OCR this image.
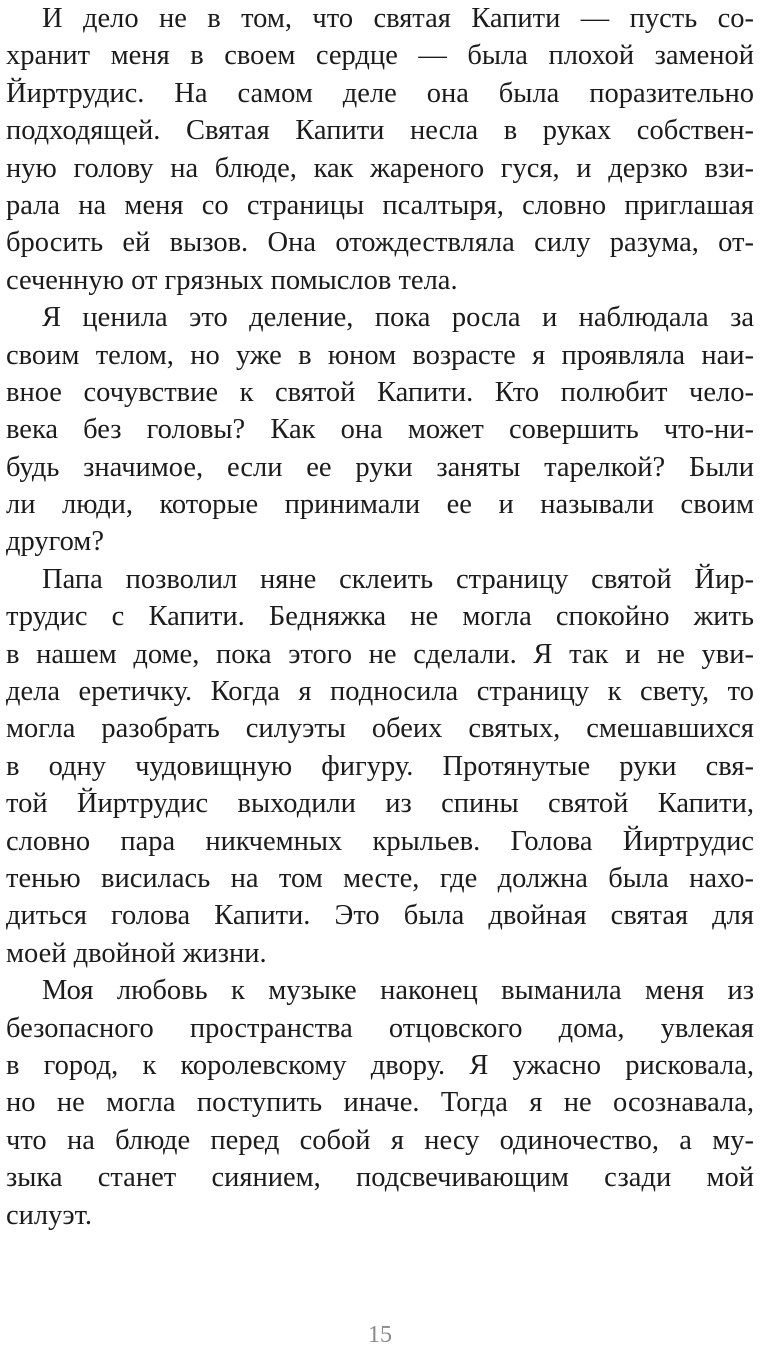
И дело не в том, что святая Капити — пусть со-
хранит меня в своем сердце — была плохой заменой
Йиртрудис. На самом деле она была поразительно
подходящей. Святая Капити несла в руках собствен-
ную голову на блюде, как жареного гуся, и дерзко взи-
рала на меня со страницы псалтыря, словно приглашая
бросить ей вызов. Она отождествляла силу разума, от-
сеченную от грязных помыслов тела.
Я ценила это деление, пока росла и наблюдала за
своим телом, но уже в юном возрасте я проявляла наи-
вное сочувствие к святой Капити. Кто полюбит чело-
века без головы? Как она может совершить что-ни-
будь значимое, если ее руки заняты тарелкой? Были
ли люди, которые принимали ее и называли своим
другом?
Папа позволил няне склеить страницу святой Йир-
трудис с Капити. Бедняжка не могла спокойно жить
в нашем доме, пока этого не сделали. Я так и не уви-
дела еретичку. Когда я подносила страницу к свету, то
могла разобрать силуэты обеих святых, смешавшихся
в одну чудовищную фигуру. Протянутые руки свя-
той Йиртрудис выходили из спины святой Капити,
словно пара никчемных крыльев. Голова Йиртрудис
тенью висилась на том месте, где должна была нахо-
диться голова Капити. Это была двойная святая для
моей двойной жизни.
Моя любовь к музыке наконец выманила меня из
безопасного пространства отцовского дома, увлекая
в город, к королевскому двору. Я ужасно рисковала,
но не могла поступить иначе. Тогда я не осознавала,
что на блюде перед собой я несу одиночество, а му-
зыка станет сиянием, подсвечивающим сзади мой
силуэт.
15
